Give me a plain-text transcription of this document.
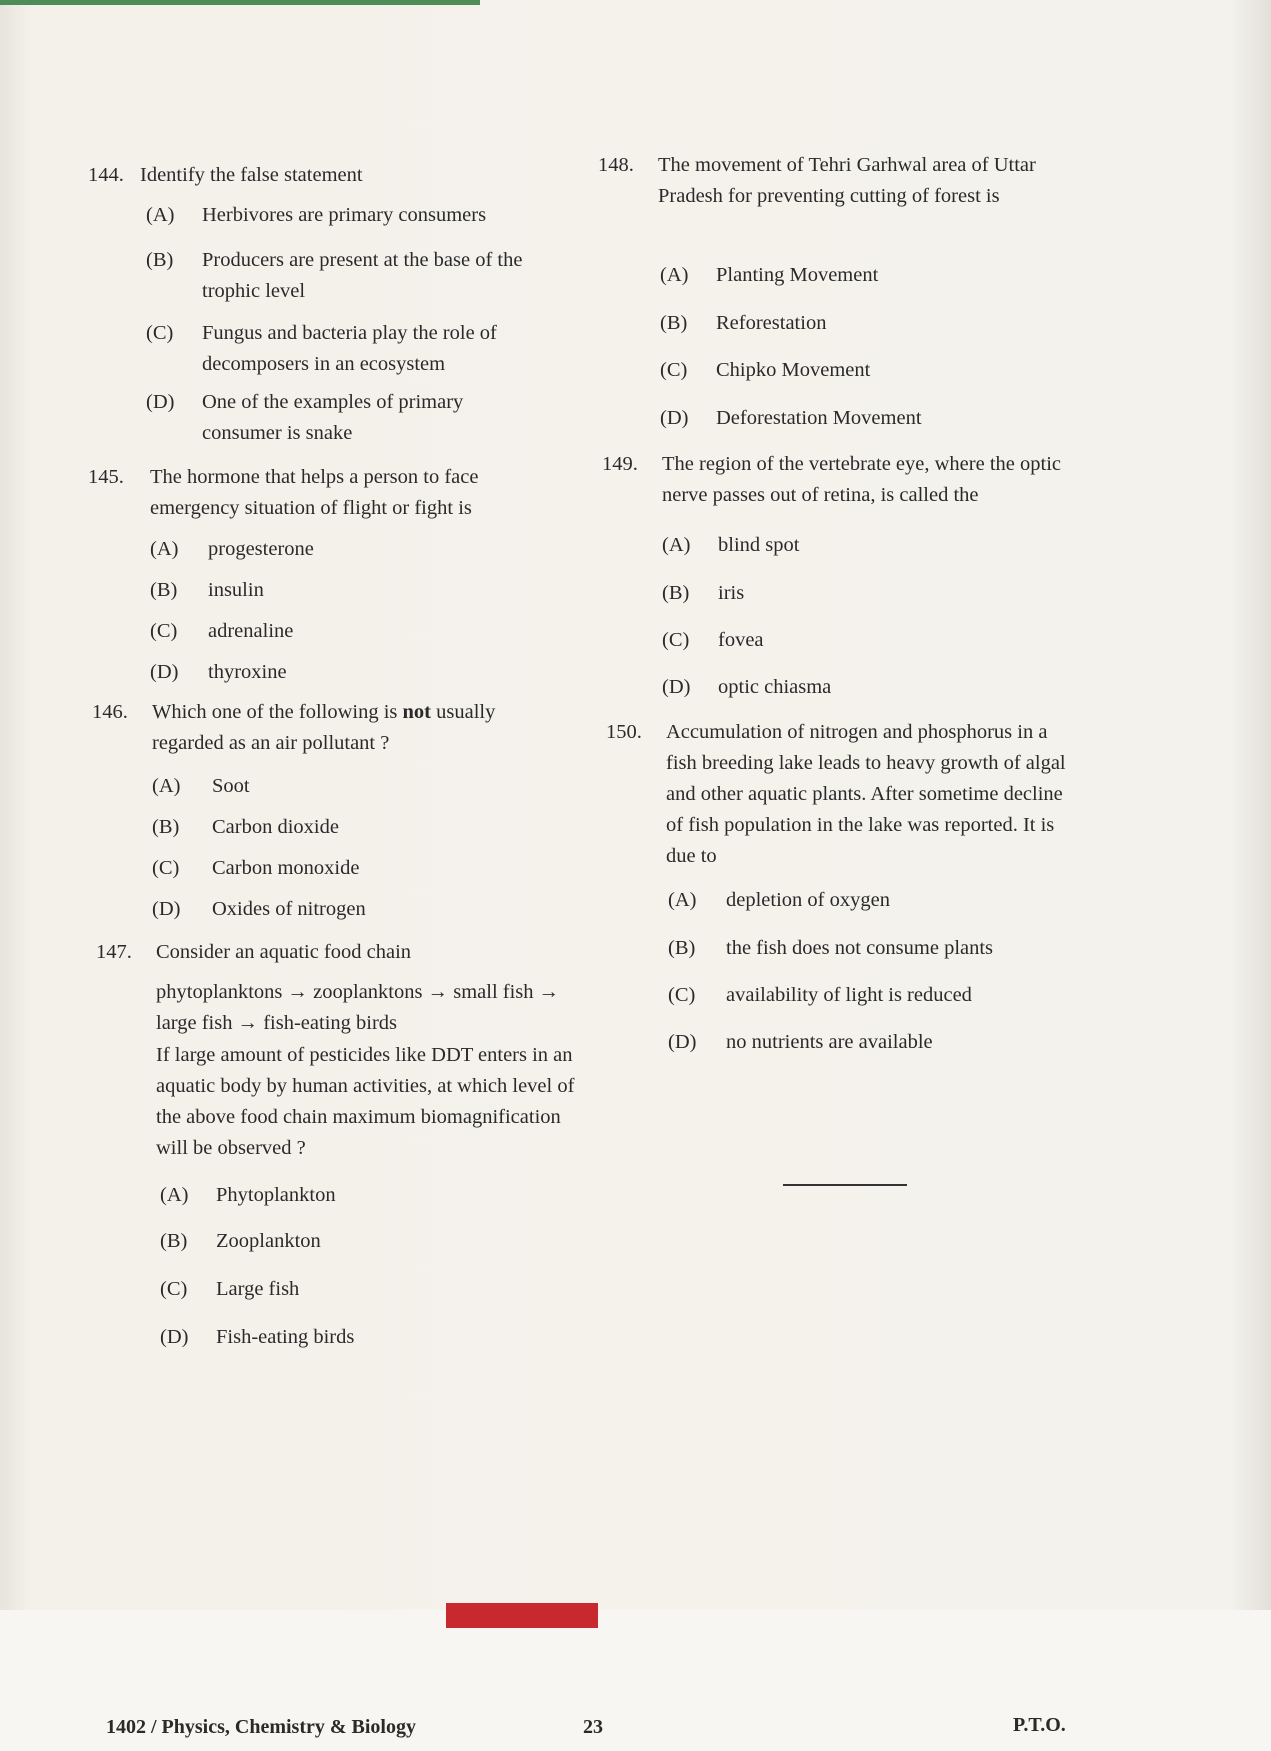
144. Identify the false statement
(A)	Herbivores are primary consumers
(B)	Producers are present at the base of the trophic level
(C)	Fungus and bacteria play the role of decomposers in an ecosystem
(D)	One of the examples of primary consumer is snake
145. The hormone that helps a person to face emergency situation of flight or fight is
(A)	progesterone
(B)	insulin
(C)	adrenaline
(D)	thyroxine
146. Which one of the following is not usually regarded as an air pollutant ?
(A)	Soot
(B)	Carbon dioxide
(C)	Carbon monoxide
(D)	Oxides of nitrogen
147. Consider an aquatic food chain
phytoplanktons → zooplanktons → small fish → large fish → fish-eating birds
If large amount of pesticides like DDT enters in an aquatic body by human activities, at which level of the above food chain maximum biomagnification will be observed ?
(A)	Phytoplankton
(B)	Zooplankton
(C)	Large fish
(D)	Fish-eating birds
148. The movement of Tehri Garhwal area of Uttar Pradesh for preventing cutting of forest is
(A)	Planting Movement
(B)	Reforestation
(C)	Chipko Movement
(D)	Deforestation Movement
149. The region of the vertebrate eye, where the optic nerve passes out of retina, is called the
(A)	blind spot
(B)	iris
(C)	fovea
(D)	optic chiasma
150. Accumulation of nitrogen and phosphorus in a fish breeding lake leads to heavy growth of algal and other aquatic plants. After sometime decline of fish population in the lake was reported. It is due to
(A)	depletion of oxygen
(B)	the fish does not consume plants
(C)	availability of light is reduced
(D)	no nutrients are available
1402 / Physics, Chemistry & Biology	23	P.T.O.
